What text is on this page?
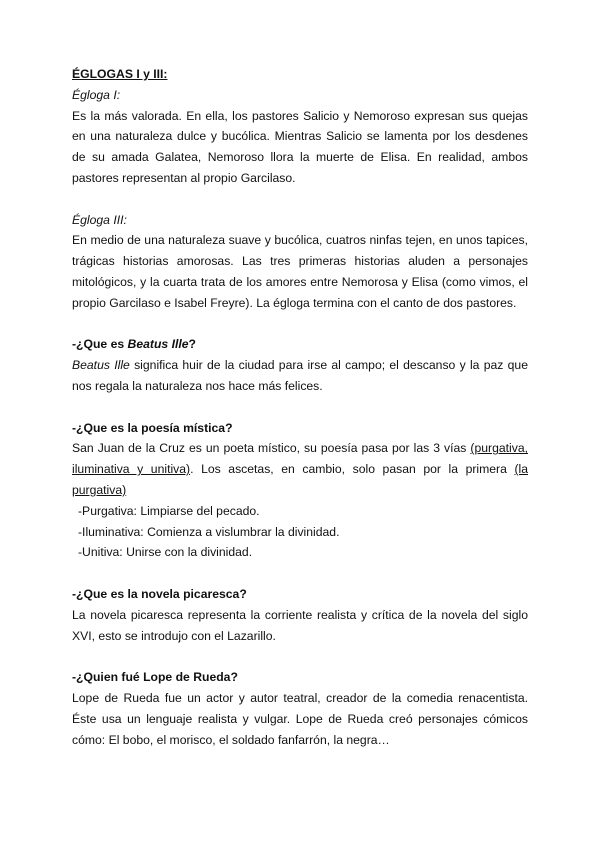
ÉGLOGAS I y III:

Égloga I:

Es la más valorada. En ella, los pastores Salicio y Nemoroso expresan sus quejas en una naturaleza dulce y bucólica. Mientras Salicio se lamenta por los desdenes de su amada Galatea, Nemoroso llora la muerte de Elisa. En realidad, ambos pastores representan al propio Garcilaso.

Égloga III:

En medio de una naturaleza suave y bucólica, cuatros ninfas tejen, en unos tapices, trágicas historias amorosas. Las tres primeras historias aluden a personajes mitológicos, y la cuarta trata de los amores entre Nemorosa y Elisa (como vimos, el propio Garcilaso e Isabel Freyre). La égloga termina con el canto de dos pastores.

-¿Que es Beatus Ille?

Beatus Ille significa huir de la ciudad para irse al campo; el descanso y la paz que nos regala la naturaleza nos hace más felices.

-¿Que es la poesía mística?

San Juan de la Cruz es un poeta místico, su poesía pasa por las 3 vías (purgativa, iluminativa y unitiva). Los ascetas, en cambio, solo pasan por la primera (la purgativa)

-Purgativa: Limpiarse del pecado.

-Iluminativa: Comienza a vislumbrar la divinidad.

-Unitiva: Unirse con la divinidad.

-¿Que es la novela picaresca?

La novela picaresca representa la corriente realista y crítica de la novela del siglo XVI, esto se introdujo con el Lazarillo.

-¿Quien fué Lope de Rueda?

Lope de Rueda fue un actor y autor teatral, creador de la comedia renacentista. Éste usa un lenguaje realista y vulgar. Lope de Rueda creó personajes cómicos cómo: El bobo, el morisco, el soldado fanfarrón, la negra…
